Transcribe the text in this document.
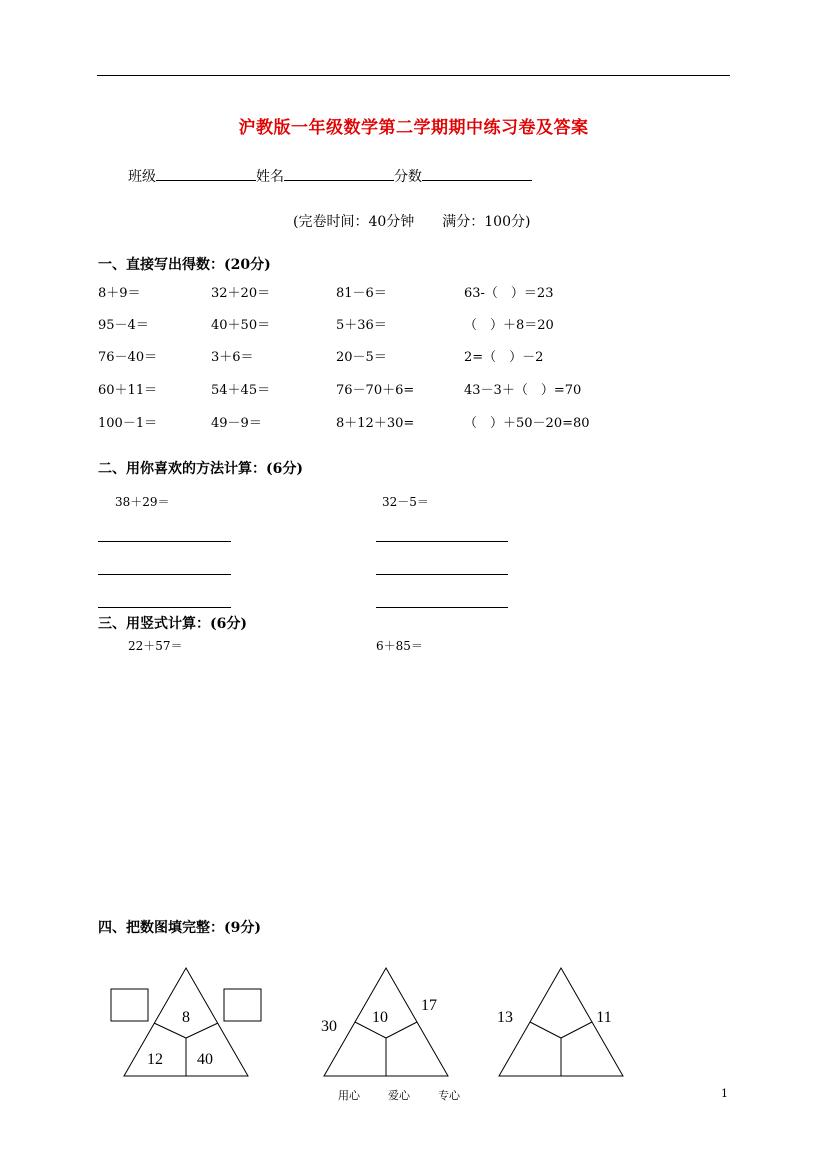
沪教版一年级数学第二学期期中练习卷及答案
班级	姓名	分数
(完卷时间：40分钟　　满分：100分)
一、直接写出得数：(20分)
8＋9＝	32＋20＝	81－6＝	63-（　）＝23
95－4＝	40＋50＝	5＋36＝	（　）＋8＝20
76－40＝	3＋6＝	20－5＝	2=（　）－2
60＋11＝	54＋45＝	76－70＋6=	43－3＋（　）=70
100－1＝	49－9＝	8＋12＋30=	（　）＋50－20=80
二、用你喜欢的方法计算：(6分)
38＋29＝	32－5＝
三、用竖式计算：(6分)
22＋57＝	6＋85＝
四、把数图填完整：(9分)
8
12 40
10
30
17
13	11
用心	爱心	专心	1
